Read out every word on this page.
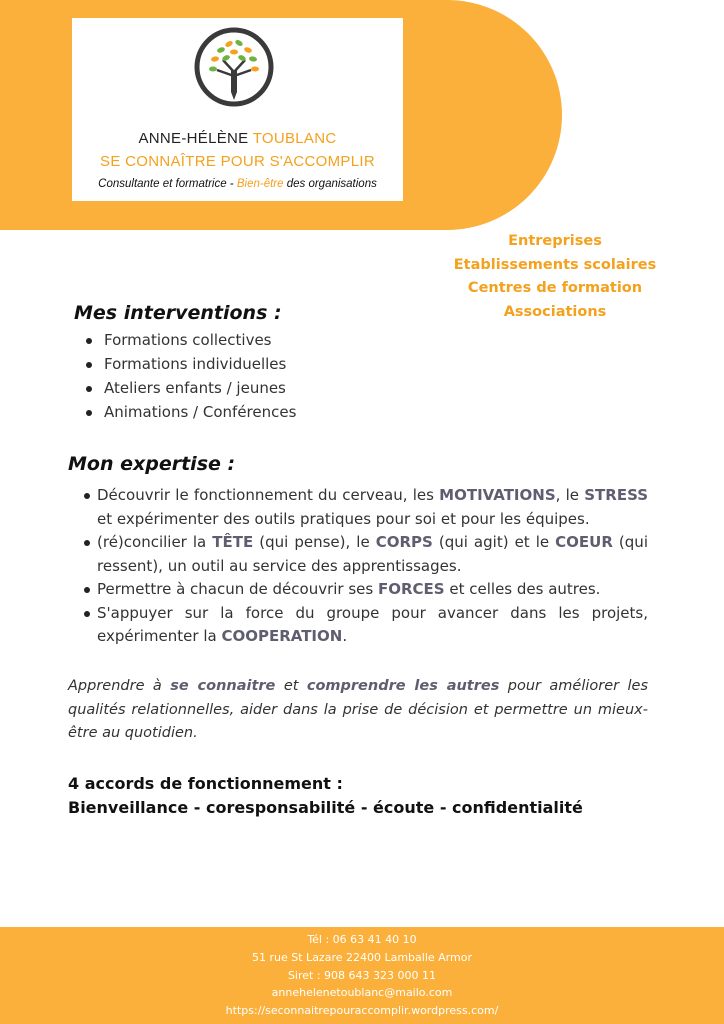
ANNE-HÉLÈNE TOUBLANC
SE CONNAÎTRE POUR S'ACCOMPLIR
Consultante et formatrice - Bien-être des organisations
Entreprises
Etablissements scolaires
Centres de formation
Associations
Mes interventions :
Formations collectives
Formations individuelles
Ateliers enfants / jeunes
Animations / Conférences
Mon expertise :
Découvrir le fonctionnement du cerveau, les MOTIVATIONS, le STRESS et expérimenter des outils pratiques pour soi et pour les équipes.
(ré)concilier la TÊTE (qui pense), le CORPS (qui agit) et le COEUR (qui ressent), un outil au service des apprentissages.
Permettre à chacun de découvrir ses FORCES et celles des autres.
S'appuyer sur la force du groupe pour avancer dans les projets, expérimenter la COOPERATION.
Apprendre à se connaitre et comprendre les autres pour améliorer les qualités relationnelles, aider dans la prise de décision et permettre un mieux-être au quotidien.
4 accords de fonctionnement :
Bienveillance - coresponsabilité - écoute - confidentialité
Tél : 06 63 41 40 10
51 rue St Lazare 22400 Lamballe Armor
Siret : 908 643 323 000 11
annehelenetoublanc@mailo.com
https://seconnaitrepouraccomplir.wordpress.com/
